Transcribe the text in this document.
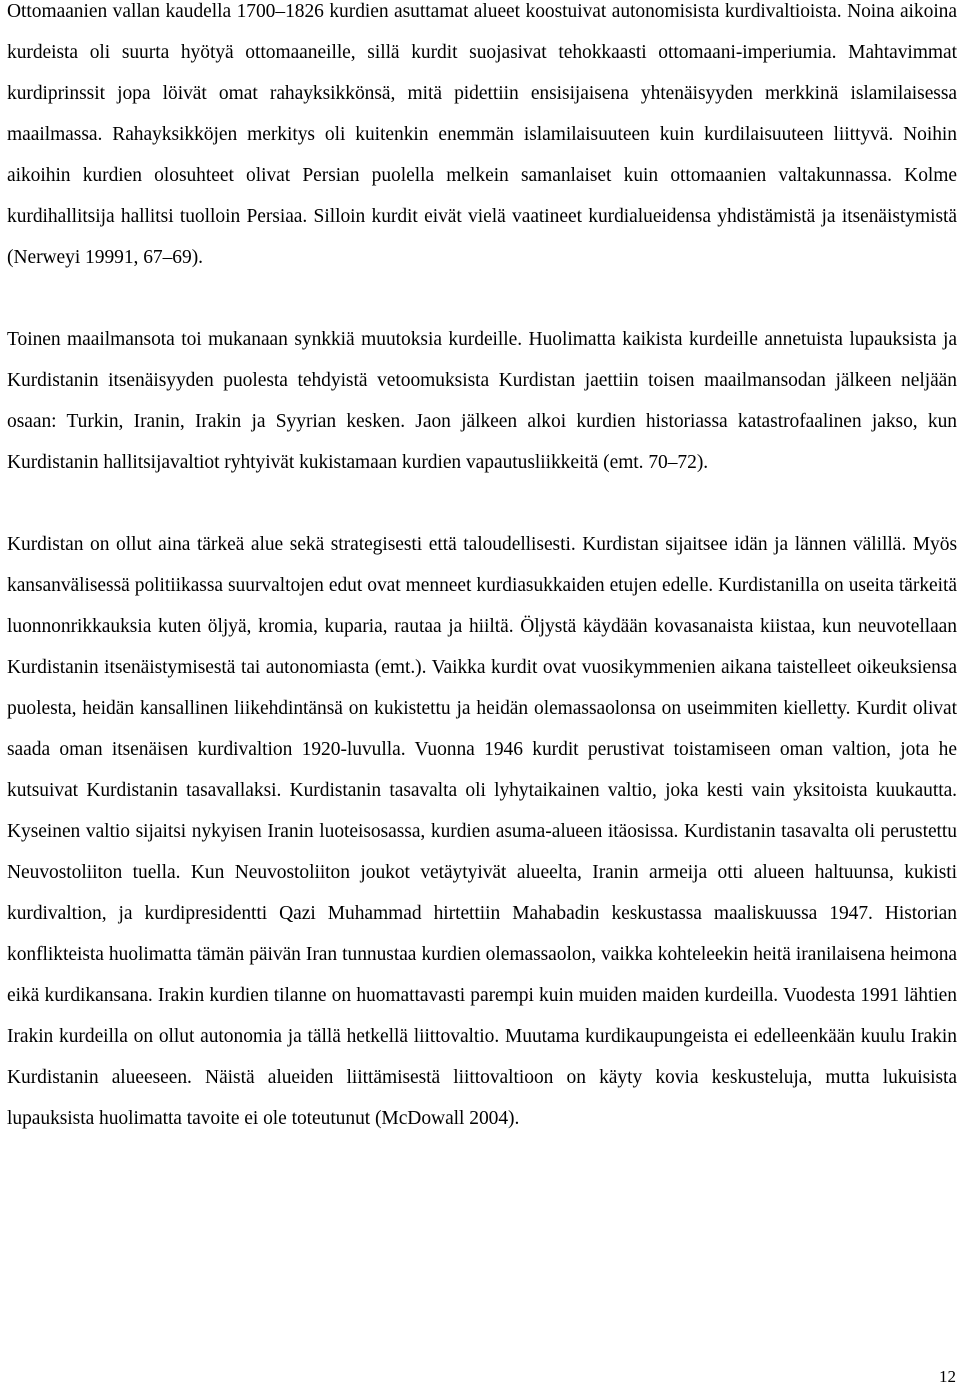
Ottomaanien vallan kaudella 1700–1826 kurdien asuttamat alueet koostuivat autonomisista kurdivaltioista. Noina aikoina kurdeista oli suurta hyötyä ottomaaneille, sillä kurdit suojasivat tehokkaasti ottomaani-imperiumia. Mahtavimmat kurdiprinssit jopa löivät omat rahayksikkönsä, mitä pidettiin ensisijaisena yhtenäisyyden merkkinä islamilaisessa maailmassa. Rahayksikköjen merkitys oli kuitenkin enemmän islamilaisuuteen kuin kurdilaisuuteen liittyvä. Noihin aikoihin kurdien olosuhteet olivat Persian puolella melkein samanlaiset kuin ottomaanien valtakunnassa. Kolme kurdihallitsija hallitsi tuolloin Persiaa. Silloin kurdit eivät vielä vaatineet kurdialueidensa yhdistämistä ja itsenäistymistä (Nerweyi 19991, 67–69).

Toinen maailmansota toi mukanaan synkkiä muutoksia kurdeille. Huolimatta kaikista kurdeille annetuista lupauksista ja Kurdistanin itsenäisyyden puolesta tehdyistä vetoomuksista Kurdistan jaettiin toisen maailmansodan jälkeen neljään osaan: Turkin, Iranin, Irakin ja Syyrian kesken. Jaon jälkeen alkoi kurdien historiassa katastrofaalinen jakso, kun Kurdistanin hallitsijavaltiot ryhtyivät kukistamaan kurdien vapautusliikkeitä (emt. 70–72).

Kurdistan on ollut aina tärkeä alue sekä strategisesti että taloudellisesti. Kurdistan sijaitsee idän ja lännen välillä. Myös kansanvälisessä politiikassa suurvaltojen edut ovat menneet kurdiasukkaiden etujen edelle. Kurdistanilla on useita tärkeitä luonnonrikkauksia kuten öljyä, kromia, kuparia, rautaa ja hiiltä. Öljystä käydään kovasanaista kiistaa, kun neuvotellaan Kurdistanin itsenäistymisestä tai autonomiasta (emt.). Vaikka kurdit ovat vuosikymmenien aikana taistelleet oikeuksiensa puolesta, heidän kansallinen liikehdintänsä on kukistettu ja heidän olemassaolonsa on useimmiten kielletty. Kurdit olivat saada oman itsenäisen kurdivaltion 1920-luvulla. Vuonna 1946 kurdit perustivat toistamiseen oman valtion, jota he kutsuivat Kurdistanin tasavallaksi. Kurdistanin tasavalta oli lyhytaikainen valtio, joka kesti vain yksitoista kuukautta. Kyseinen valtio sijaitsi nykyisen Iranin luoteisosassa, kurdien asuma-alueen itäosissa. Kurdistanin tasavalta oli perustettu Neuvostoliiton tuella. Kun Neuvostoliiton joukot vetäytyivät alueelta, Iranin armeija otti alueen haltuunsa, kukisti kurdivaltion, ja kurdipresidentti Qazi Muhammad hirtettiin Mahabadin keskustassa maaliskuussa 1947. Historian konflikteista huolimatta tämän päivän Iran tunnustaa kurdien olemassaolon, vaikka kohteleekin heitä iranilaisena heimona eikä kurdikansana. Irakin kurdien tilanne on huomattavasti parempi kuin muiden maiden kurdeilla. Vuodesta 1991 lähtien Irakin kurdeilla on ollut autonomia ja tällä hetkellä liittovaltio. Muutama kurdikaupungeista ei edelleenkään kuulu Irakin Kurdistanin alueeseen. Näistä alueiden liittämisestä liittovaltioon on käyty kovia keskusteluja, mutta lukuisista lupauksista huolimatta tavoite ei ole toteutunut (McDowall 2004).

12
